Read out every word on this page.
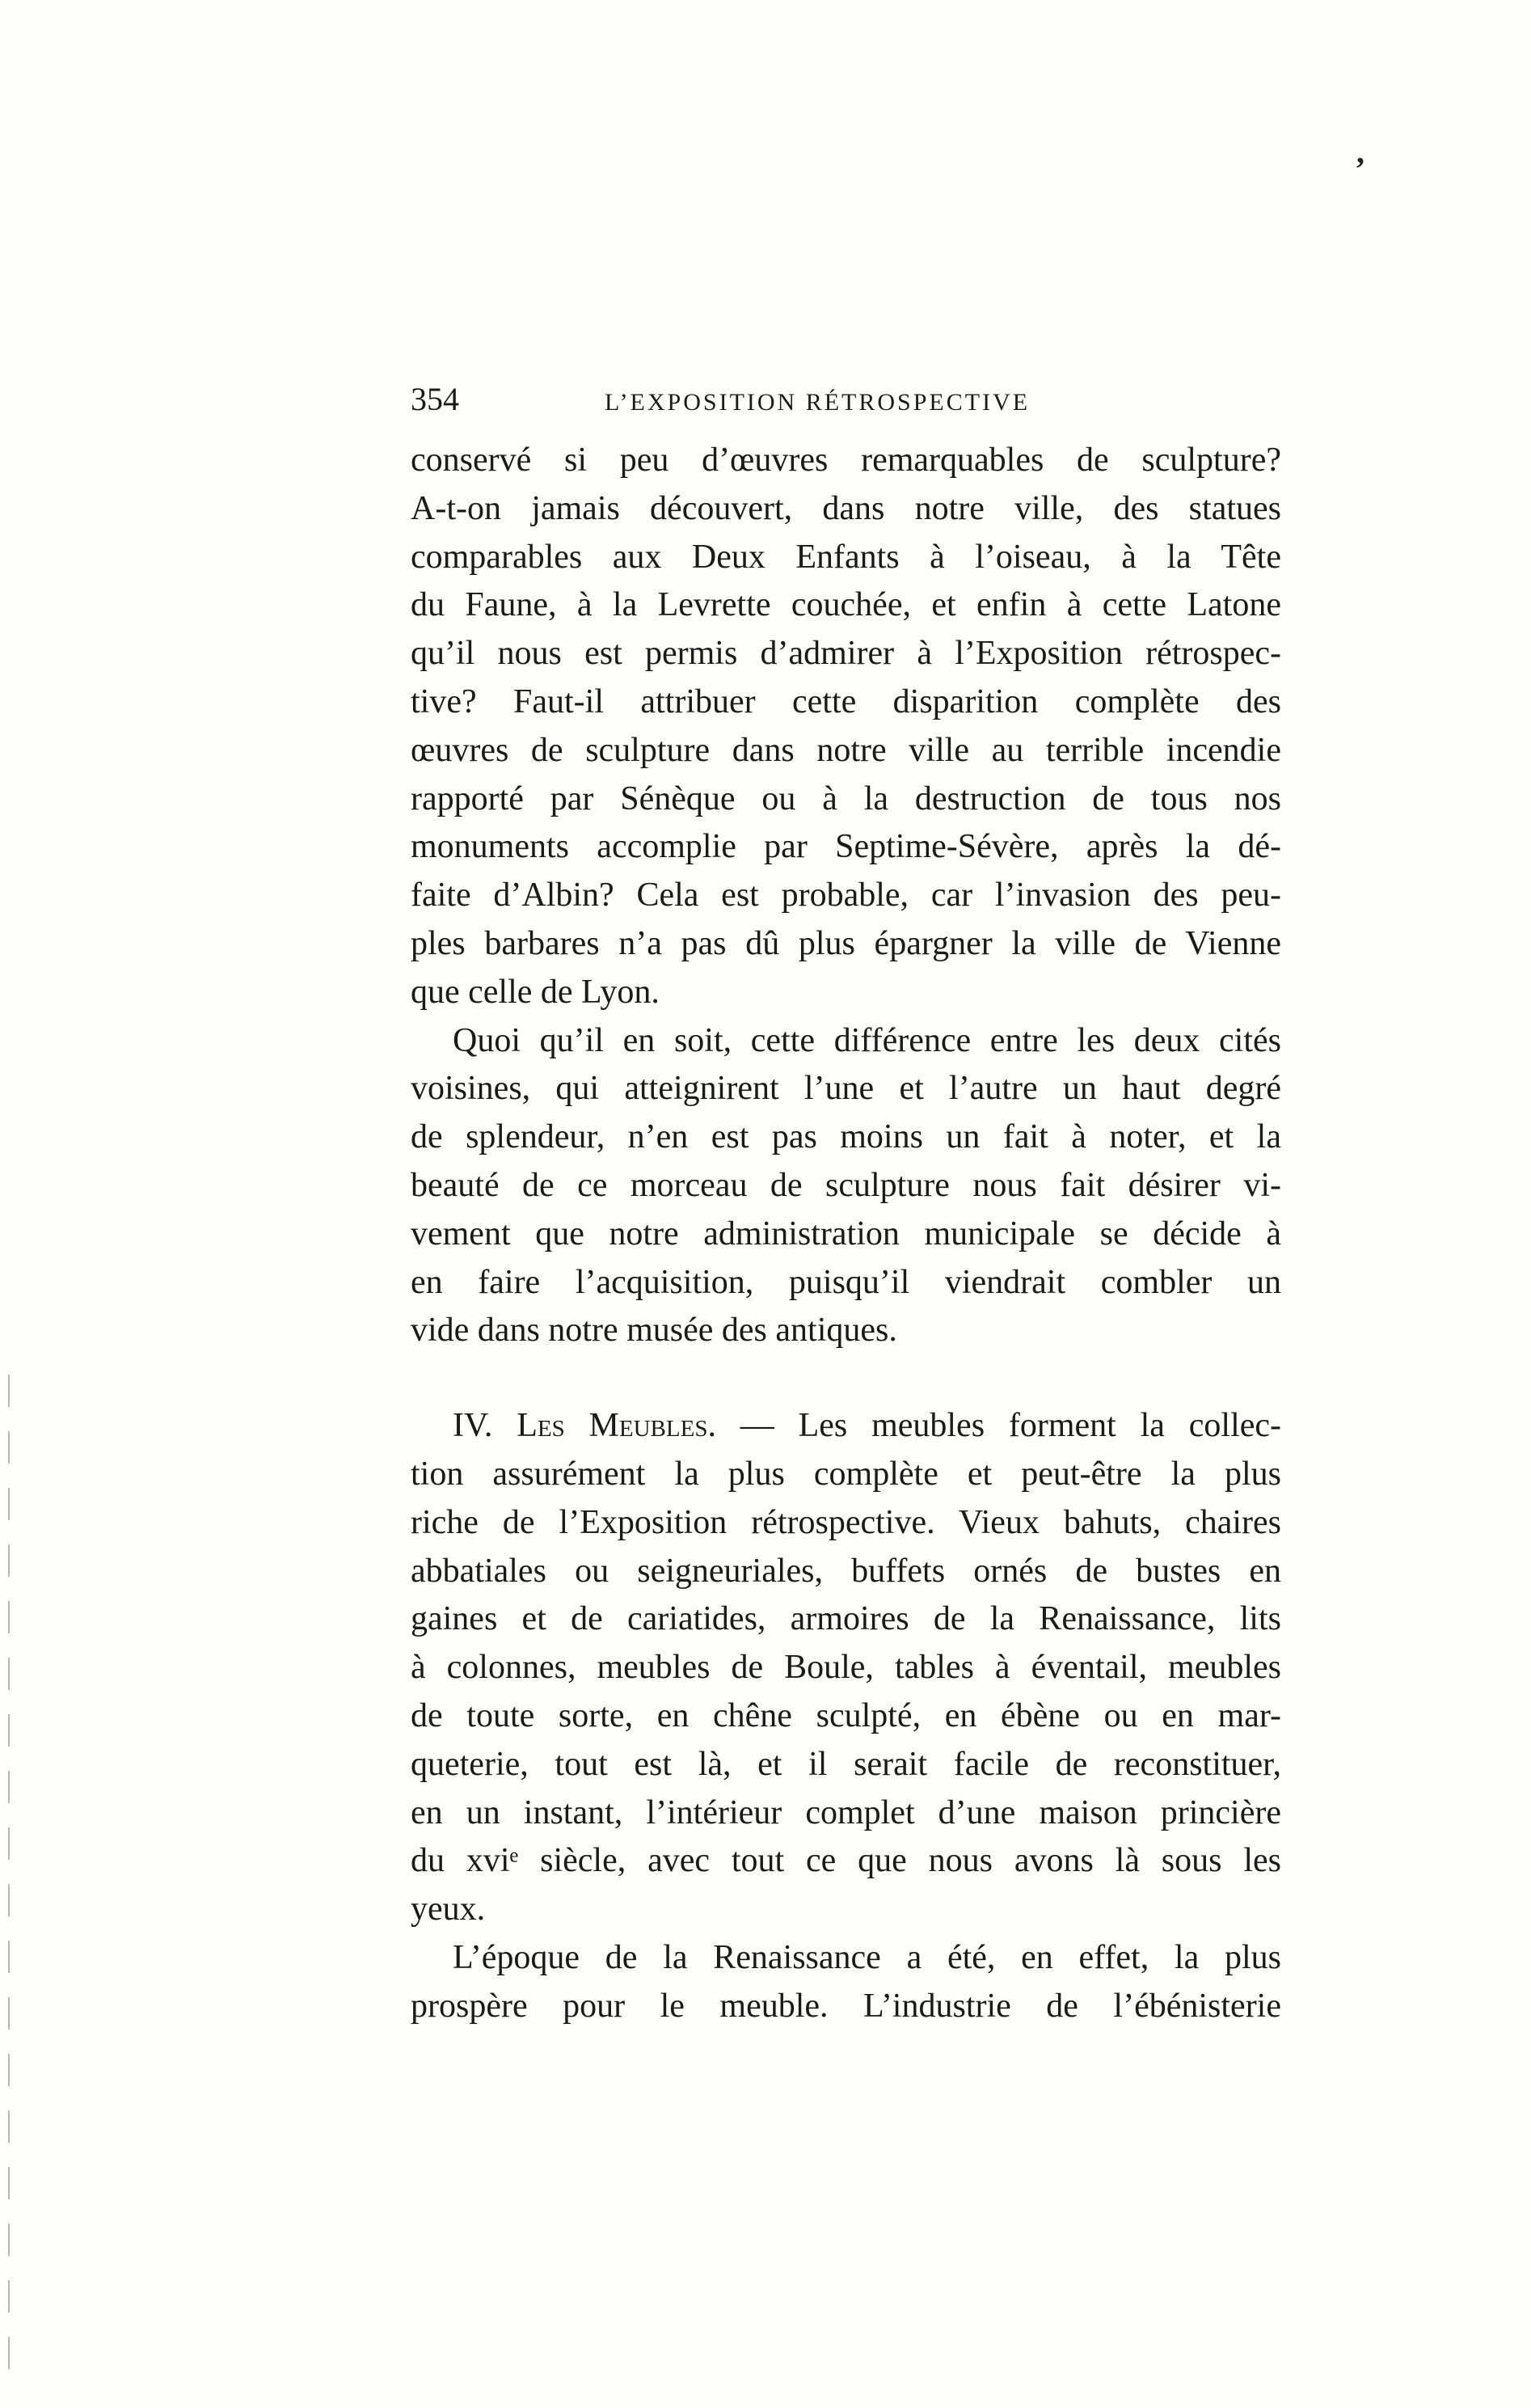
’
354	L’EXPOSITION RÉTROSPECTIVE
conservé si peu d’œuvres remarquables de sculpture?
A-t-on jamais découvert, dans notre ville, des statues
comparables aux Deux Enfants à l’oiseau, à la Tête
du Faune, à la Levrette couchée, et enfin à cette Latone
qu’il nous est permis d’admirer à l’Exposition rétrospec-
tive? Faut-il attribuer cette disparition complète des
œuvres de sculpture dans notre ville au terrible incendie
rapporté par Sénèque ou à la destruction de tous nos
monuments accomplie par Septime-Sévère, après la dé-
faite d’Albin? Cela est probable, car l’invasion des peu-
ples barbares n’a pas dû plus épargner la ville de Vienne
que celle de Lyon.
Quoi qu’il en soit, cette différence entre les deux cités
voisines, qui atteignirent l’une et l’autre un haut degré
de splendeur, n’en est pas moins un fait à noter, et la
beauté de ce morceau de sculpture nous fait désirer vi-
vement que notre administration municipale se décide à
en faire l’acquisition, puisqu’il viendrait combler un
vide dans notre musée des antiques.
IV. Les Meubles. — Les meubles forment la collec-
tion assurément la plus complète et peut-être la plus
riche de l’Exposition rétrospective. Vieux bahuts, chaires
abbatiales ou seigneuriales, buffets ornés de bustes en
gaines et de cariatides, armoires de la Renaissance, lits
à colonnes, meubles de Boule, tables à éventail, meubles
de toute sorte, en chêne sculpté, en ébène ou en mar-
queterie, tout est là, et il serait facile de reconstituer,
en un instant, l’intérieur complet d’une maison princière
du xviᵉ siècle, avec tout ce que nous avons là sous les
yeux.
L’époque de la Renaissance a été, en effet, la plus
prospère pour le meuble. L’industrie de l’ébénisterie
